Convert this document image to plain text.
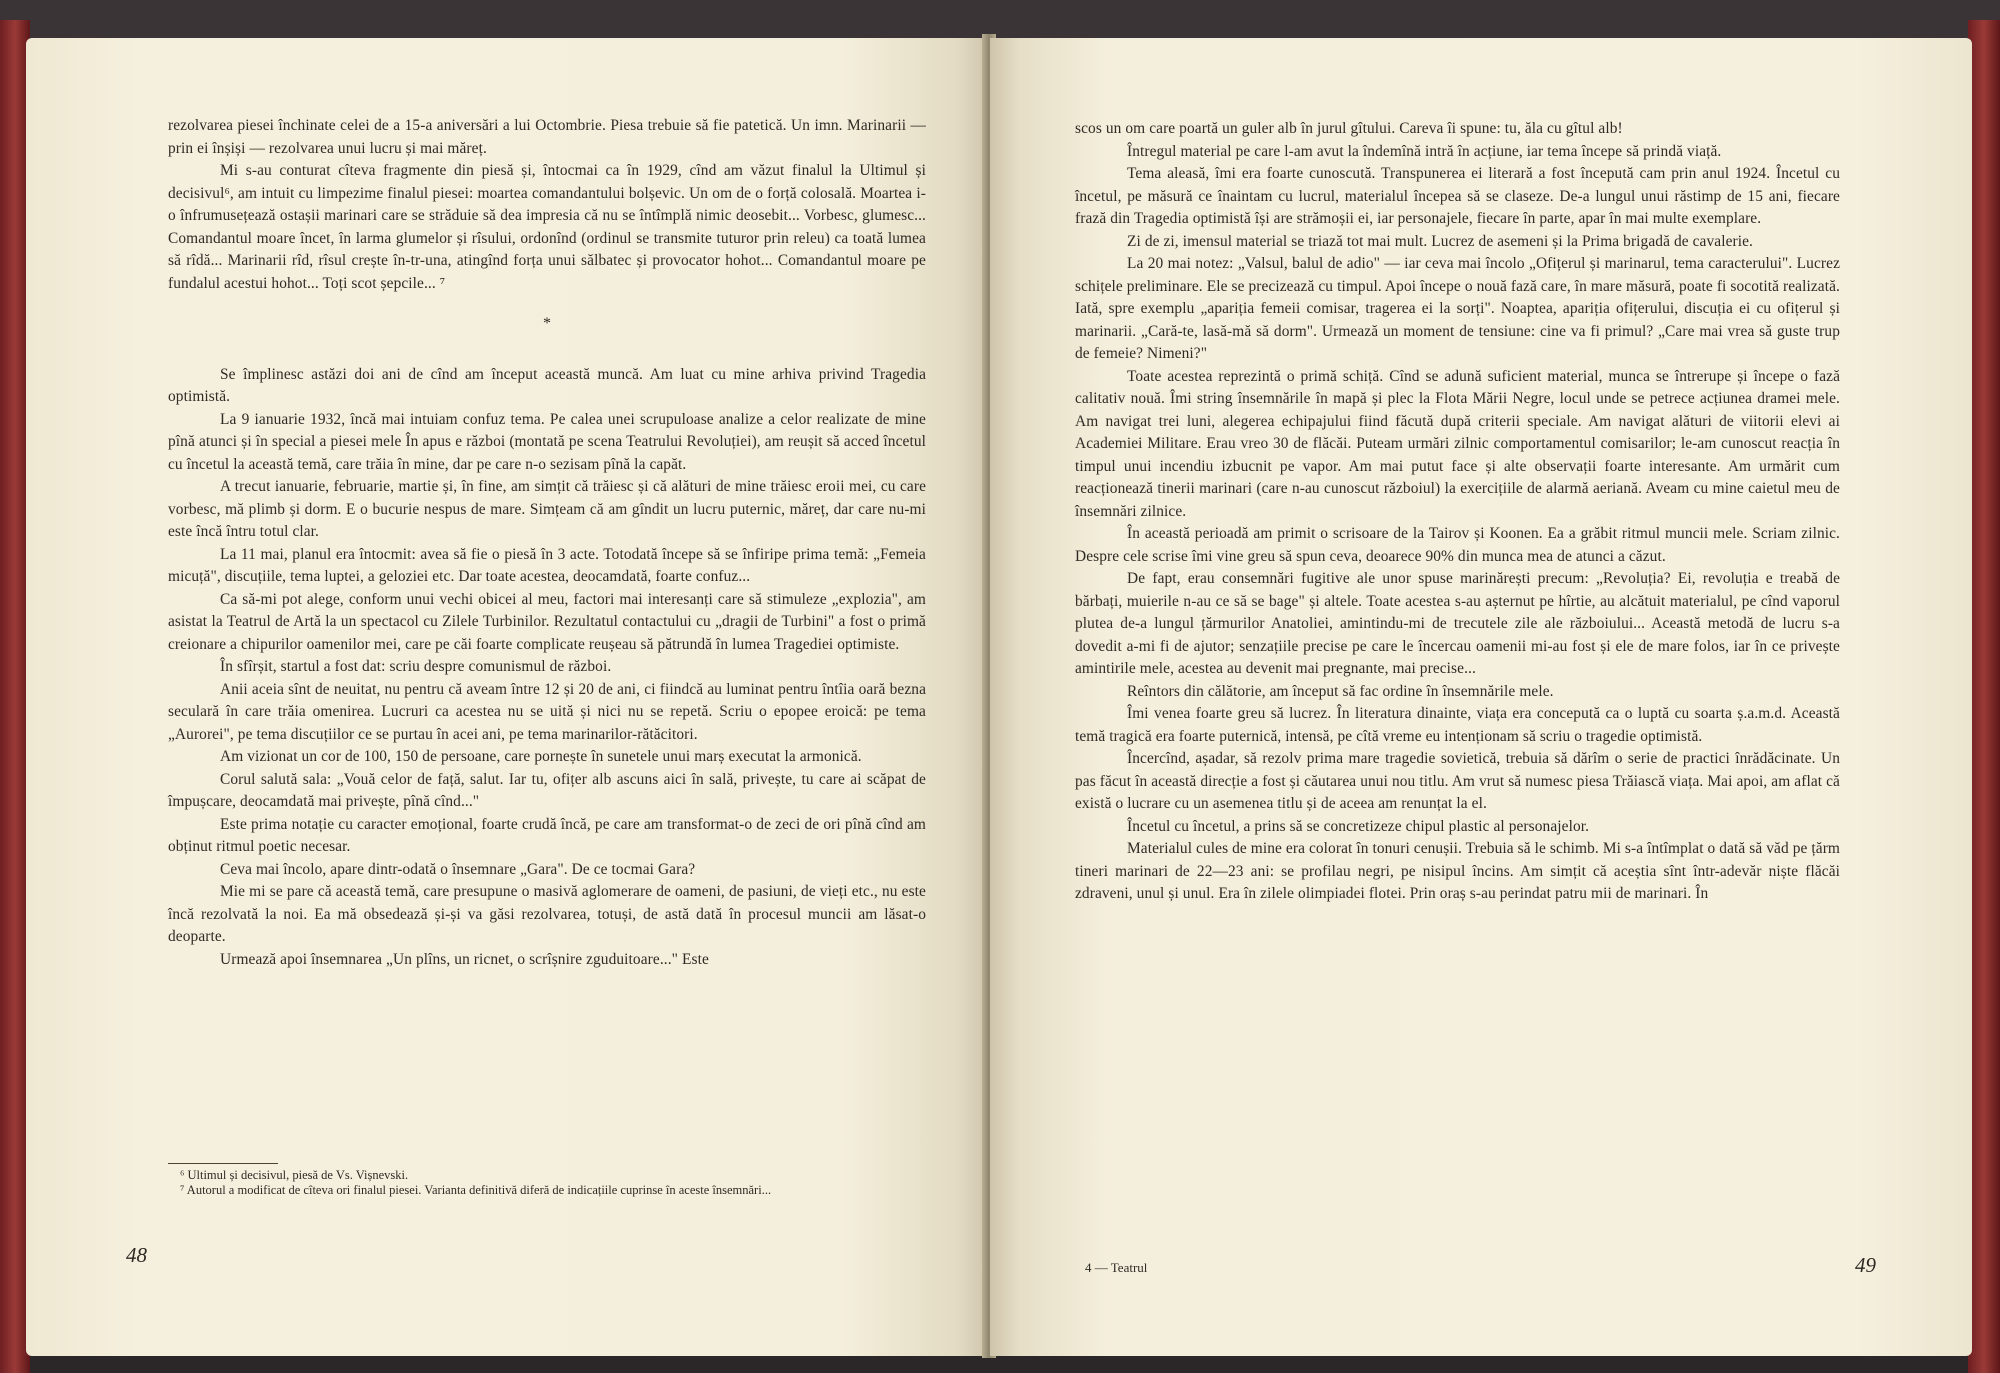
rezolvarea piesei închinate celei de a 15-a aniversări a lui Octombrie. Piesa trebuie să fie patetică. Un imn. Marinarii — prin ei înșiși — rezolvarea unui lucru și mai măreț.

Mi s-au conturat cîteva fragmente din piesă și, întocmai ca în 1929, cînd am văzut finalul la Ultimul și decisivul⁶, am intuit cu limpezime finalul piesei: moartea comandantului bolșevic. Un om de o forță colosală. Moartea i-o înfrumusețează ostașii marinari care se străduie să dea impresia că nu se întîmplă nimic deosebit... Vorbesc, glumesc... Comandantul moare încet, în larma glumelor și rîsului, ordonînd (ordinul se transmite tuturor prin releu) ca toată lumea să rîdă... Marinarii rîd, rîsul crește în-tr-una, atingînd forța unui sălbatec și provocator hohot... Comandantul moare pe fundalul acestui hohot... Toți scot șepcile... ⁷

*

Se împlinesc astăzi doi ani de cînd am început această muncă. Am luat cu mine arhiva privind Tragedia optimistă.

La 9 ianuarie 1932, încă mai intuiam confuz tema. Pe calea unei scrupuloase analize a celor realizate de mine pînă atunci și în special a piesei mele În apus e război (montată pe scena Teatrului Revoluției), am reușit să acced încetul cu încetul la această temă, care trăia în mine, dar pe care n-o sezisam pînă la capăt.

A trecut ianuarie, februarie, martie și, în fine, am simțit că trăiesc și că alături de mine trăiesc eroii mei, cu care vorbesc, mă plimb și dorm. E o bucurie nespus de mare. Simțeam că am gîndit un lucru puternic, măreț, dar care nu-mi este încă întru totul clar.

La 11 mai, planul era întocmit: avea să fie o piesă în 3 acte. Totodată începe să se înfiripe prima temă: „Femeia micuță", discuțiile, tema luptei, a geloziei etc. Dar toate acestea, deocamdată, foarte confuz...

Ca să-mi pot alege, conform unui vechi obicei al meu, factori mai interesanți care să stimuleze „explozia", am asistat la Teatrul de Artă la un spectacol cu Zilele Turbinilor. Rezultatul contactului cu „dragii de Turbini" a fost o primă creionare a chipurilor oamenilor mei, care pe căi foarte complicate reușeau să pătrundă în lumea Tragediei optimiste.

În sfîrșit, startul a fost dat: scriu despre comunismul de război.

Anii aceia sînt de neuitat, nu pentru că aveam între 12 și 20 de ani, ci fiindcă au luminat pentru întîia oară bezna seculară în care trăia omenirea. Lucruri ca acestea nu se uită și nici nu se repetă. Scriu o epopee eroică: pe tema „Aurorei", pe tema discuțiilor ce se purtau în acei ani, pe tema marinarilor-rătăcitori.

Am vizionat un cor de 100, 150 de persoane, care pornește în sunetele unui marș executat la armonică.

Corul salută sala: „Vouă celor de față, salut. Iar tu, ofițer alb ascuns aici în sală, privește, tu care ai scăpat de împușcare, deocamdată mai privește, pînă cînd..."

Este prima notație cu caracter emoțional, foarte crudă încă, pe care am transformat-o de zeci de ori pînă cînd am obținut ritmul poetic necesar.

Ceva mai încolo, apare dintr-odată o însemnare „Gara". De ce tocmai Gara?

Mie mi se pare că această temă, care presupune o masivă aglomerare de oameni, de pasiuni, de vieți etc., nu este încă rezolvată la noi. Ea mă obsedează și-și va găsi rezolvarea, totuși, de astă dată în procesul muncii am lăsat-o deoparte.

Urmează apoi însemnarea „Un plîns, un ricnet, o scrîșnire zguduitoare..." Este

⁶ Ultimul și decisivul, piesă de Vs. Vișnevski.

⁷ Autorul a modificat de cîteva ori finalul piesei. Varianta definitivă diferă de indicațiile cuprinse în aceste însemnări...

48

scos un om care poartă un guler alb în jurul gîtului. Careva îi spune: tu, ăla cu gîtul alb!

Întregul material pe care l-am avut la îndemînă intră în acțiune, iar tema începe să prindă viață.

Tema aleasă, îmi era foarte cunoscută. Transpunerea ei literară a fost începută cam prin anul 1924. Încetul cu încetul, pe măsură ce înaintam cu lucrul, materialul începea să se claseze. De-a lungul unui răstimp de 15 ani, fiecare frază din Tragedia optimistă își are strămoșii ei, iar personajele, fiecare în parte, apar în mai multe exemplare.

Zi de zi, imensul material se triază tot mai mult. Lucrez de asemeni și la Prima brigadă de cavalerie.

La 20 mai notez: „Valsul, balul de adio" — iar ceva mai încolo „Ofițerul și marinarul, tema caracterului". Lucrez schițele preliminare. Ele se precizează cu timpul. Apoi începe o nouă fază care, în mare măsură, poate fi socotită realizată. Iată, spre exemplu „apariția femeii comisar, tragerea ei la sorți". Noaptea, apariția ofițerului, discuția ei cu ofițerul și marinarii. „Cară-te, lasă-mă să dorm". Urmează un moment de tensiune: cine va fi primul? „Care mai vrea să guste trup de femeie? Nimeni?"

Toate acestea reprezintă o primă schiță. Cînd se adună suficient material, munca se întrerupe și începe o fază calitativ nouă. Îmi string însemnările în mapă și plec la Flota Mării Negre, locul unde se petrece acțiunea dramei mele. Am navigat trei luni, alegerea echipajului fiind făcută după criterii speciale. Am navigat alături de viitorii elevi ai Academiei Militare. Erau vreo 30 de flăcăi. Puteam urmări zilnic comportamentul comisarilor; le-am cunoscut reacția în timpul unui incendiu izbucnit pe vapor. Am mai putut face și alte observații foarte interesante. Am urmărit cum reacționează tinerii marinari (care n-au cunoscut războiul) la exercițiile de alarmă aeriană. Aveam cu mine caietul meu de însemnări zilnice.

În această perioadă am primit o scrisoare de la Tairov și Koonen. Ea a grăbit ritmul muncii mele. Scriam zilnic. Despre cele scrise îmi vine greu să spun ceva, deoarece 90% din munca mea de atunci a căzut.

De fapt, erau consemnări fugitive ale unor spuse marinărești precum: „Revoluția? Ei, revoluția e treabă de bărbați, muierile n-au ce să se bage" și altele. Toate acestea s-au așternut pe hîrtie, au alcătuit materialul, pe cînd vaporul plutea de-a lungul țărmurilor Anatoliei, amintindu-mi de trecutele zile ale războiului... Această metodă de lucru s-a dovedit a-mi fi de ajutor; senzațiile precise pe care le încercau oamenii mi-au fost și ele de mare folos, iar în ce privește amintirile mele, acestea au devenit mai pregnante, mai precise...

Reîntors din călătorie, am început să fac ordine în însemnările mele.

Îmi venea foarte greu să lucrez. În literatura dinainte, viața era concepută ca o luptă cu soarta ș.a.m.d. Această temă tragică era foarte puternică, intensă, pe cîtă vreme eu intenționam să scriu o tragedie optimistă.

Încercînd, așadar, să rezolv prima mare tragedie sovietică, trebuia să dărîm o serie de practici înrădăcinate. Un pas făcut în această direcție a fost și căutarea unui nou titlu. Am vrut să numesc piesa Trăiască viața. Mai apoi, am aflat că există o lucrare cu un asemenea titlu și de aceea am renunțat la el.

Încetul cu încetul, a prins să se concretizeze chipul plastic al personajelor.

Materialul cules de mine era colorat în tonuri cenușii. Trebuia să le schimb. Mi s-a întîmplat o dată să văd pe țărm tineri marinari de 22—23 ani: se profilau negri, pe nisipul încins. Am simțit că aceștia sînt într-adevăr niște flăcăi zdraveni, unul și unul. Era în zilele olimpiadei flotei. Prin oraș s-au perindat patru mii de marinari. În

4 — Teatrul	49
